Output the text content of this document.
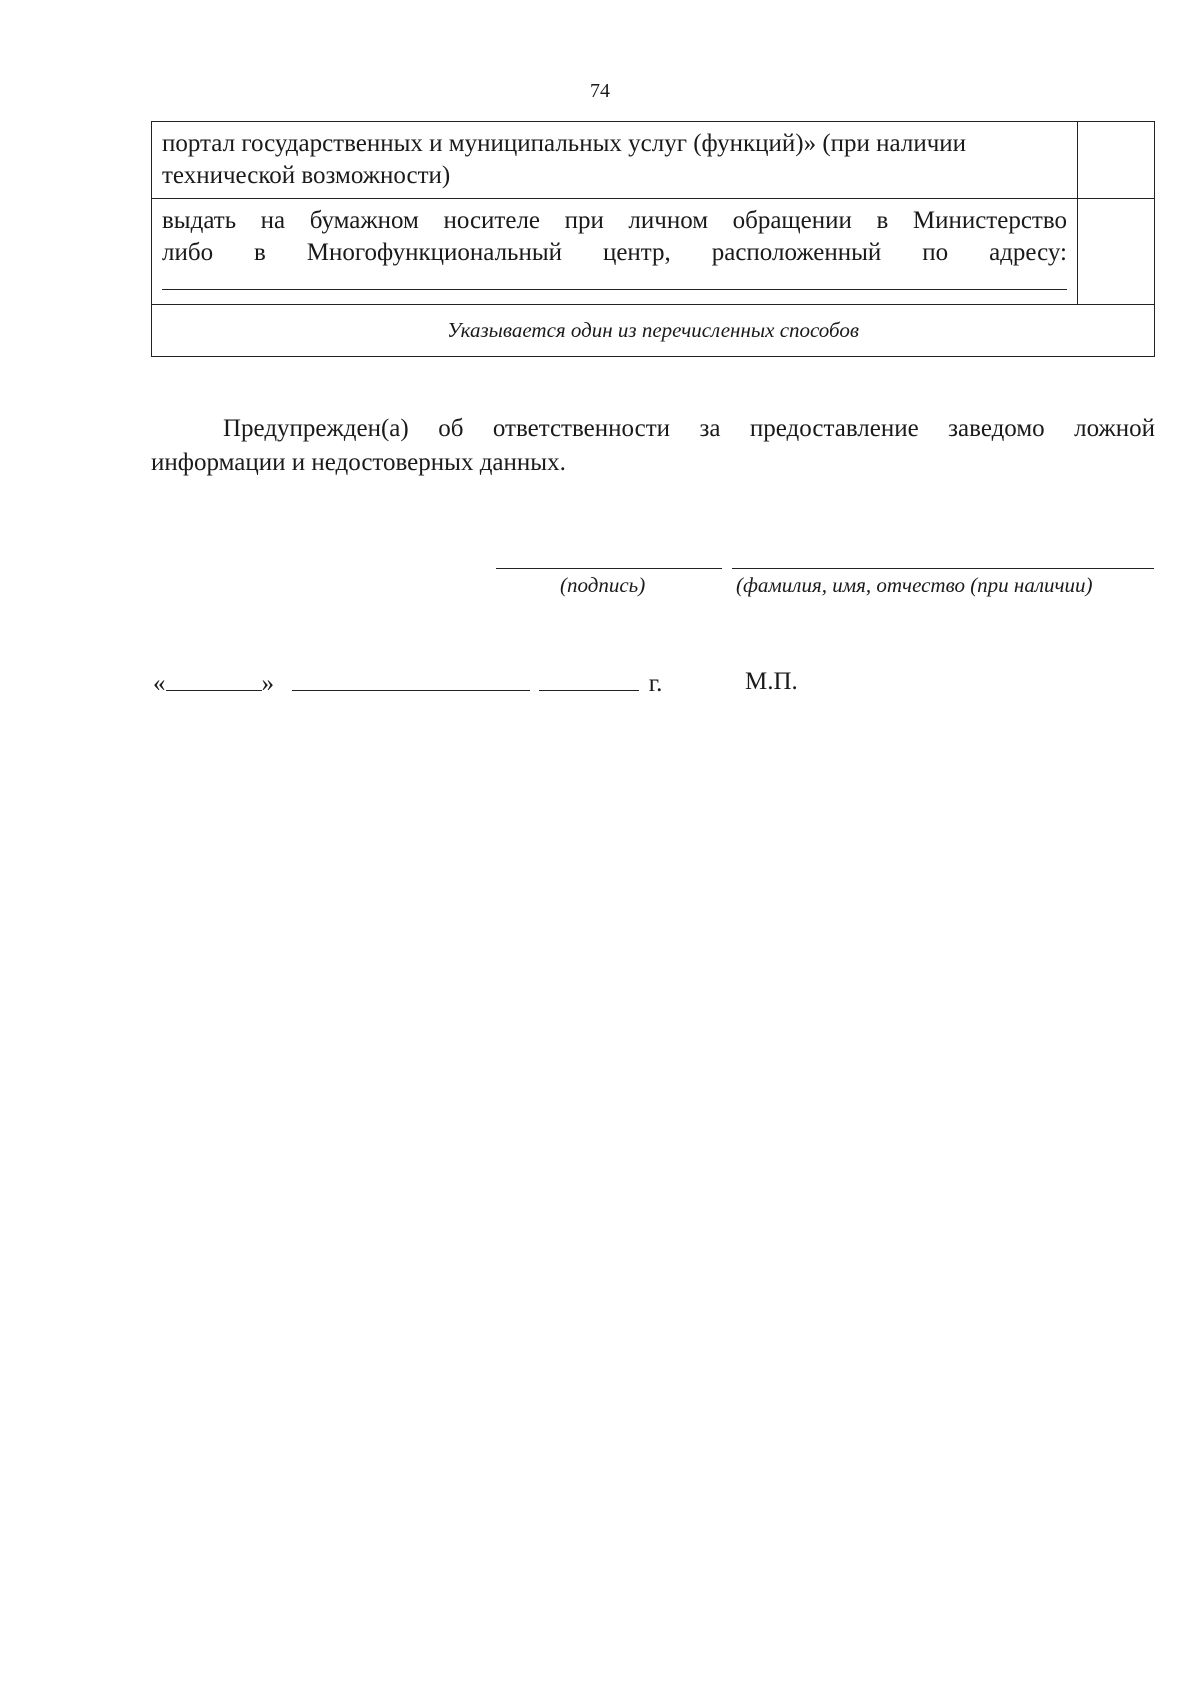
74
портал государственных и муниципальных услуг (функций)» (при наличии технической возможности)	

выдать на бумажном носителе при личном обращении в Министерство
либо в Многофункциональный центр, расположенный по адресу:	

Указывается один из перечисленных способов	
Предупрежден(а) об ответственности за предоставление заведомо ложной информации и недостоверных данных.
(подпись)	(фамилия, имя, отчество (при наличии)
«	»	г.	М.П.
